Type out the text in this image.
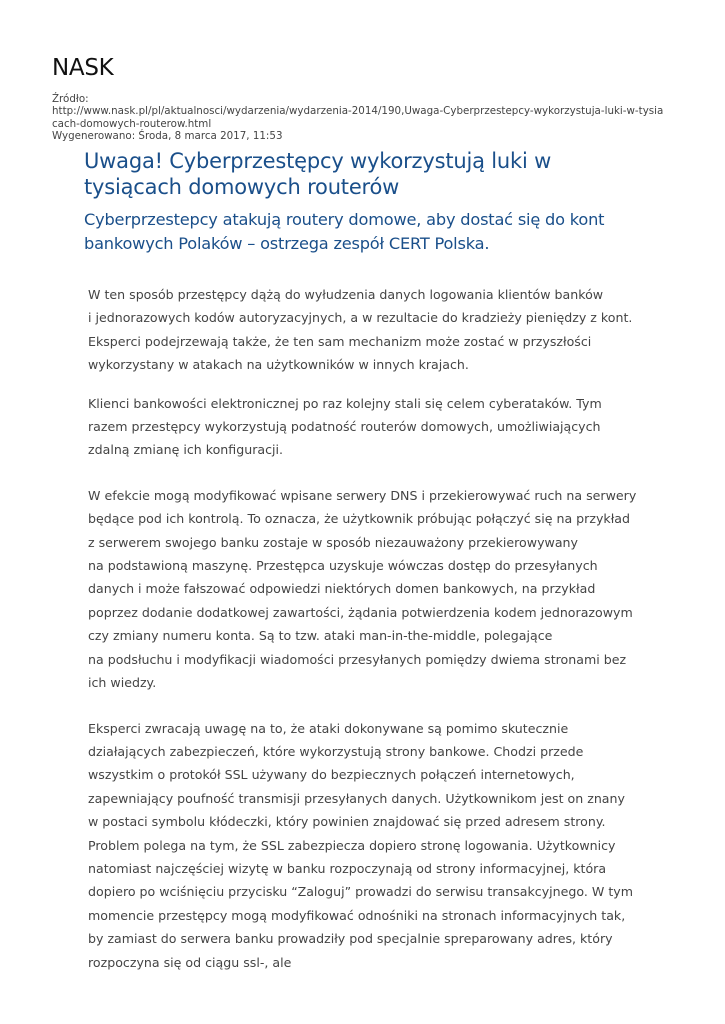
NASK
Źródło:
http://www.nask.pl/pl/aktualnosci/wydarzenia/wydarzenia-2014/190,Uwaga-Cyberprzestepcy-wykorzystuja-luki-w-tysia
cach-domowych-routerow.html
Wygenerowano: Środa, 8 marca 2017, 11:53
Uwaga! Cyberprzestępcy wykorzystują luki w
tysiącach domowych routerów
Cyberprzestepcy atakują routery domowe, aby dostać się do kont
bankowych Polaków – ostrzega zespół CERT Polska.

W ten sposób przestępcy dążą do wyłudzenia danych logowania klientów banków
i jednorazowych kodów autoryzacyjnych, a w rezultacie do kradzieży pieniędzy z kont.
Eksperci podejrzewają także, że ten sam mechanizm może zostać w przyszłości
wykorzystany w atakach na użytkowników w innych krajach.

Klienci bankowości elektronicznej po raz kolejny stali się celem cyberataków. Tym
razem przestępcy wykorzystują podatność routerów domowych, umożliwiających
zdalną zmianę ich konfiguracji.

W efekcie mogą modyfikować wpisane serwery DNS i przekierowywać ruch na serwery
będące pod ich kontrolą. To oznacza, że użytkownik próbując połączyć się na przykład
z serwerem swojego banku zostaje w sposób niezauważony przekierowywany
na podstawioną maszynę. Przestępca uzyskuje wówczas dostęp do przesyłanych
danych i może fałszować odpowiedzi niektórych domen bankowych, na przykład
poprzez dodanie dodatkowej zawartości, żądania potwierdzenia kodem jednorazowym
czy zmiany numeru konta. Są to tzw. ataki man-in-the-middle, polegające
na podsłuchu i modyfikacji wiadomości przesyłanych pomiędzy dwiema stronami bez
ich wiedzy.

Eksperci zwracają uwagę na to, że ataki dokonywane są pomimo skutecznie
działających zabezpieczeń, które wykorzystują strony bankowe. Chodzi przede
wszystkim o protokół SSL używany do bezpiecznych połączeń internetowych,
zapewniający poufność transmisji przesyłanych danych. Użytkownikom jest on znany
w postaci symbolu kłódeczki, który powinien znajdować się przed adresem strony.
Problem polega na tym, że SSL zabezpiecza dopiero stronę logowania. Użytkownicy
natomiast najczęściej wizytę w banku rozpoczynają od strony informacyjnej, która
dopiero po wciśnięciu przycisku “Zaloguj” prowadzi do serwisu transakcyjnego. W tym
momencie przestępcy mogą modyfikować odnośniki na stronach informacyjnych tak,
by zamiast do serwera banku prowadziły pod specjalnie spreparowany adres, który
rozpoczyna się od ciągu ssl-, ale
